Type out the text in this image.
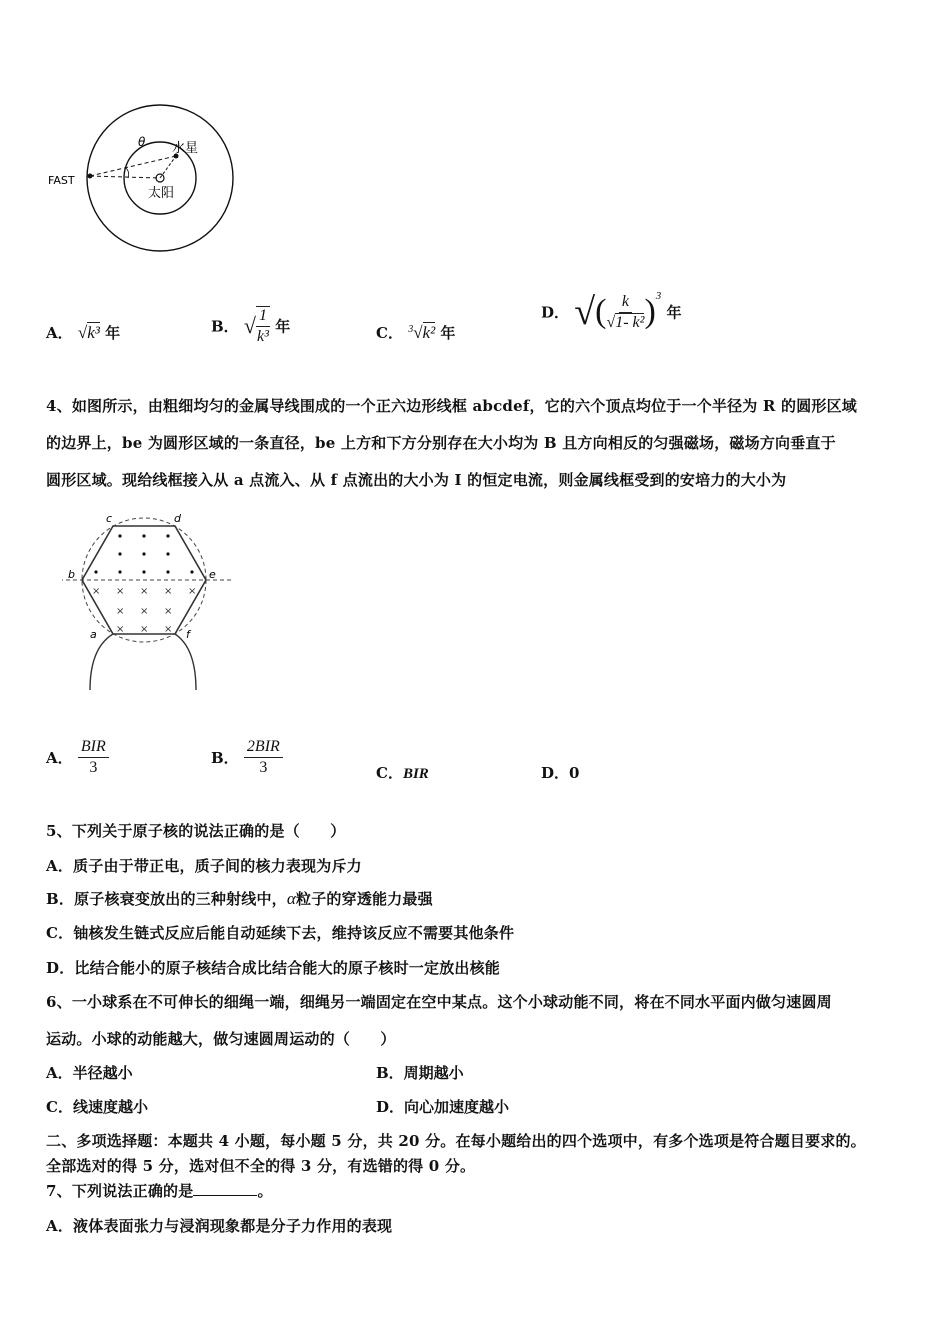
FAST
θ 水星
太阳
A． √k³ 年	B． √ $\frac{1}{\text{k³}}$ 年	C． $^3$√k² 年
D． √( $\frac{k}{\text{√1- k²}} )^3$ 年
4、如图所示，由粗细均匀的金属导线围成的一个正六边形线框 abcdef，它的六个顶点均位于一个半径为 R 的圆形区域
的边界上，be 为圆形区域的一条直径，be 上方和下方分别存在大小均为 B 且方向相反的匀强磁场，磁场方向垂直于
圆形区域。现给线框接入从 a 点流入、从 f 点流出的大小为 I 的恒定电流，则金属线框受到的安培力的大小为
× × × × ×
× × ×
× × ×
c	d
b	e
a	f
A． $\frac{\text{BIR}}{3}$	B． $\frac{\text{2BIR}}{3}$	C．BIR	D．0
5、下列关于原子核的说法正确的是（　　）
A．质子由于带正电，质子间的核力表现为斥力
B．原子核衰变放出的三种射线中，α粒子的穿透能力最强
C．铀核发生链式反应后能自动延续下去，维持该反应不需要其他条件
D．比结合能小的原子核结合成比结合能大的原子核时一定放出核能
6、一小球系在不可伸长的细绳一端，细绳另一端固定在空中某点。这个小球动能不同，将在不同水平面内做匀速圆周
运动。小球的动能越大，做匀速圆周运动的（　　）
A．半径越小	B．周期越小
C．线速度越小	D．向心加速度越小
二、多项选择题：本题共 4 小题，每小题 5 分，共 20 分。在每小题给出的四个选项中，有多个选项是符合题目要求的。
全部选对的得 5 分，选对但不全的得 3 分，有选错的得 0 分。
7、下列说法正确的是	。
A．液体表面张力与浸润现象都是分子力作用的表现
